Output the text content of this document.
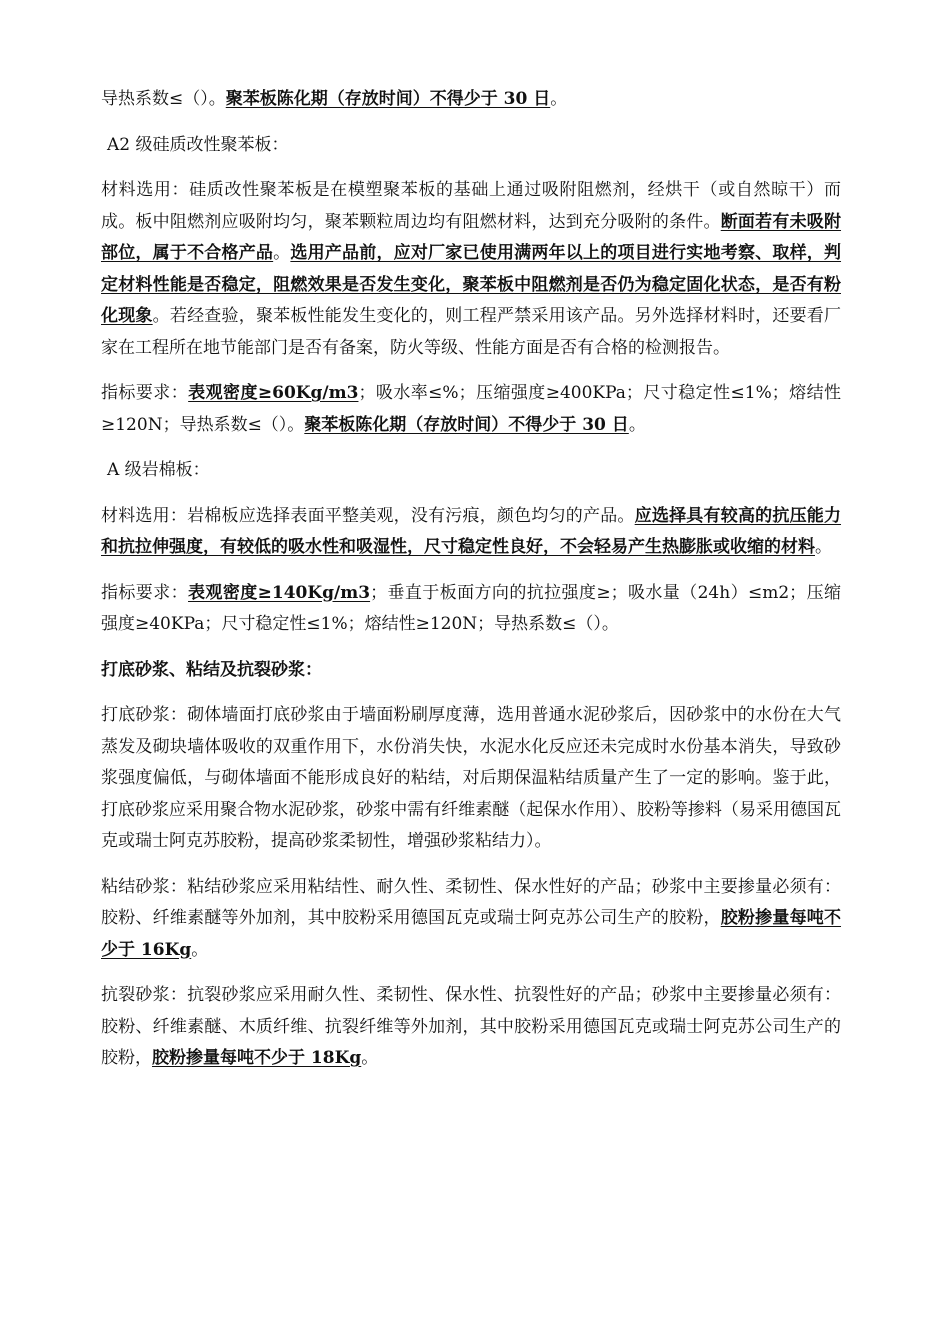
导热系数≤（）。聚苯板陈化期（存放时间）不得少于 30 日。

A2 级硅质改性聚苯板：

材料选用：硅质改性聚苯板是在模塑聚苯板的基础上通过吸附阻燃剂，经烘干（或自然晾干）而成。板中阻燃剂应吸附均匀，聚苯颗粒周边均有阻燃材料，达到充分吸附的条件。断面若有未吸附部位，属于不合格产品。选用产品前，应对厂家已使用满两年以上的项目进行实地考察、取样，判定材料性能是否稳定，阻燃效果是否发生变化，聚苯板中阻燃剂是否仍为稳定固化状态，是否有粉化现象。若经查验，聚苯板性能发生变化的，则工程严禁采用该产品。另外选择材料时，还要看厂家在工程所在地节能部门是否有备案，防火等级、性能方面是否有合格的检测报告。

指标要求：表观密度≥60Kg/m3；吸水率≤%；压缩强度≥400KPa；尺寸稳定性≤1%；熔结性≥120N；导热系数≤（）。聚苯板陈化期（存放时间）不得少于 30 日。

A 级岩棉板：

材料选用：岩棉板应选择表面平整美观，没有污痕，颜色均匀的产品。应选择具有较高的抗压能力和抗拉伸强度，有较低的吸水性和吸湿性，尺寸稳定性良好，不会轻易产生热膨胀或收缩的材料。

指标要求：表观密度≥140Kg/m3；垂直于板面方向的抗拉强度≥；吸水量（24h）≤m2；压缩强度≥40KPa；尺寸稳定性≤1%；熔结性≥120N；导热系数≤（）。

打底砂浆、粘结及抗裂砂浆：

打底砂浆：砌体墙面打底砂浆由于墙面粉刷厚度薄，选用普通水泥砂浆后，因砂浆中的水份在大气蒸发及砌块墙体吸收的双重作用下，水份消失快，水泥水化反应还未完成时水份基本消失，导致砂浆强度偏低，与砌体墙面不能形成良好的粘结，对后期保温粘结质量产生了一定的影响。鉴于此，打底砂浆应采用聚合物水泥砂浆，砂浆中需有纤维素醚（起保水作用）、胶粉等掺料（易采用德国瓦克或瑞士阿克苏胶粉，提高砂浆柔韧性，增强砂浆粘结力）。

粘结砂浆：粘结砂浆应采用粘结性、耐久性、柔韧性、保水性好的产品；砂浆中主要掺量必须有：胶粉、纤维素醚等外加剂，其中胶粉采用德国瓦克或瑞士阿克苏公司生产的胶粉，胶粉掺量每吨不少于 16Kg。

抗裂砂浆：抗裂砂浆应采用耐久性、柔韧性、保水性、抗裂性好的产品；砂浆中主要掺量必须有：胶粉、纤维素醚、木质纤维、抗裂纤维等外加剂，其中胶粉采用德国瓦克或瑞士阿克苏公司生产的胶粉，胶粉掺量每吨不少于 18Kg。
